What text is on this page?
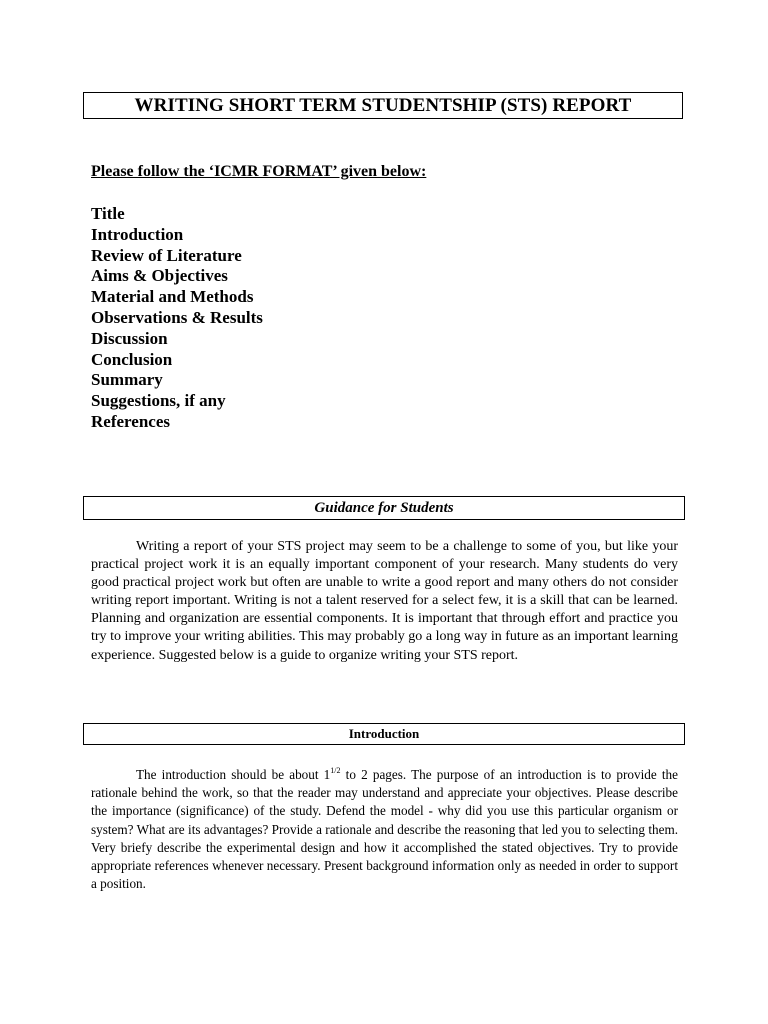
WRITING SHORT TERM STUDENTSHIP (STS) REPORT
Please follow the ‘ICMR FORMAT’ given below:
Title
Introduction
Review of Literature
Aims & Objectives
Material and Methods
Observations & Results
Discussion
Conclusion
Summary
Suggestions, if any
References
Guidance for Students

Writing a report of your STS project may seem to be a challenge to some of you, but like your practical project work it is an equally important component of your research. Many students do very good practical project work but often are unable to write a good report and many others do not consider writing report important. Writing is not a talent reserved for a select few, it is a skill that can be learned. Planning and organization are essential components. It is important that through effort and practice you try to improve your writing abilities. This may probably go a long way in future as an important learning experience. Suggested below is a guide to organize writing your STS report.

Introduction

The introduction should be about $1^{1/2}$ to 2 pages. The purpose of an introduction is to provide the rationale behind the work, so that the reader may understand and appreciate your objectives. Please describe the importance (significance) of the study. Defend the model - why did you use this particular organism or system? What are its advantages? Provide a rationale and describe the reasoning that led you to selecting them. Very briefy describe the experimental design and how it accomplished the stated objectives. Try to provide appropriate references whenever necessary. Present background information only as needed in order to support a position.
